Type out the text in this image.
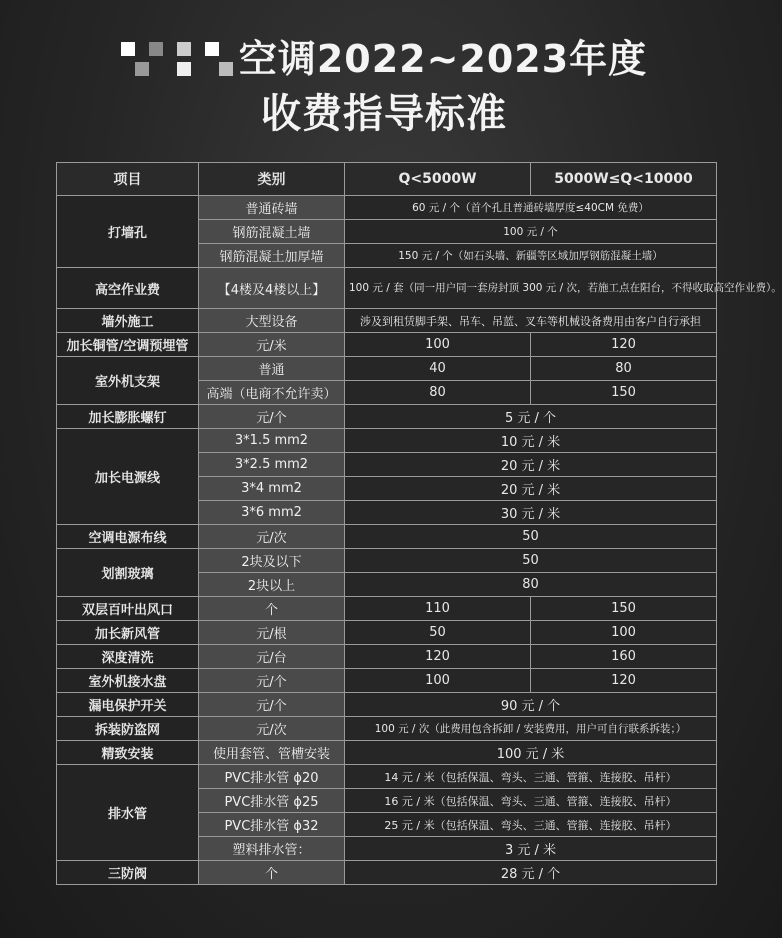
空调2022~2023年度
收费指导标准
项目	类别	Q<5000W	5000W≤Q<10000
打墙孔	普通砖墙	60 元 / 个（首个孔且普通砖墙厚度≤40CM 免费）	
	钢筋混凝土墙	100 元 / 个	
	钢筋混凝土加厚墙	150 元 / 个（如石头墙、新疆等区域加厚钢筋混凝土墙）	
高空作业费	【4楼及4楼以上】	100 元 / 套（同一用户同一套房封顶 300 元 / 次，若施工点在阳台，不得收取高空作业费）。	
墙外施工	大型设备	涉及到租赁脚手架、吊车、吊蓝、叉车等机械设备费用由客户自行承担	
加长铜管/空调预埋管	元/米	100	120
室外机支架	普通	40	80
	高端（电商不允许卖）	80	150
加长膨胀螺钉	元/个	5 元 / 个	
加长电源线	3*1.5 mm2	10 元 / 米	
	3*2.5 mm2	20 元 / 米	
	3*4 mm2	20 元 / 米	
	3*6 mm2	30 元 / 米	
空调电源布线	元/次	50	
划割玻璃	2块及以下	50	
	2块以上	80	
双层百叶出风口	个	110	150
加长新风管	元/根	50	100
深度清洗	元/台	120	160
室外机接水盘	元/个	100	120
漏电保护开关	元/个	90 元 / 个	
拆装防盗网	元/次	100 元 / 次（此费用包含拆卸 / 安装费用，用户可自行联系拆装；）	
精致安装	使用套管、管槽安装	100 元 / 米	
排水管	PVC排水管 ϕ20	14 元 / 米（包括保温、弯头、三通、管箍、连接胶、吊杆）	
	PVC排水管 ϕ25	16 元 / 米（包括保温、弯头、三通、管箍、连接胶、吊杆）	
	PVC排水管 ϕ32	25 元 / 米（包括保温、弯头、三通、管箍、连接胶、吊杆）	
	塑料排水管：	3 元 / 米	
三防阀	个	28 元 / 个	
